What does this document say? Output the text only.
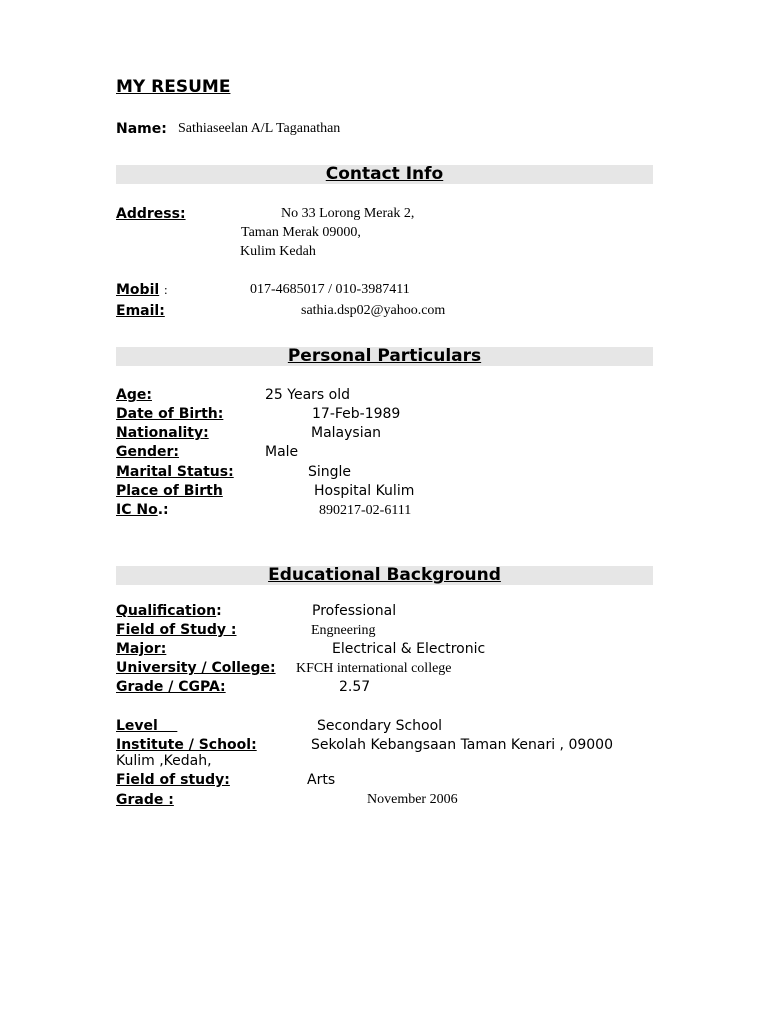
MY RESUME
Name: Sathiaseelan A/L Taganathan
Contact Info
Address:	No 33 Lorong Merak 2,
Taman Merak 09000,
Kulim Kedah
Mobil :	017-4685017 / 010-3987411
Email:	sathia.dsp02@yahoo.com
Personal Particulars
Age:	25 Years old
Date of Birth:	17-Feb-1989
Nationality:	Malaysian
Gender:	Male
Marital Status:	Single
Place of Birth	Hospital Kulim
IC No.:	890217-02-6111
Educational Background
Qualification:	Professional
Field of Study :	Engneering
Major:	Electrical & Electronic
University / College: KFCH international college
Grade / CGPA:	2.57
Level	Secondary School
Institute / School:	Sekolah Kebangsaan Taman Kenari , 09000
Kulim ,Kedah,
Field of study:	Arts
Grade :	November 2006
